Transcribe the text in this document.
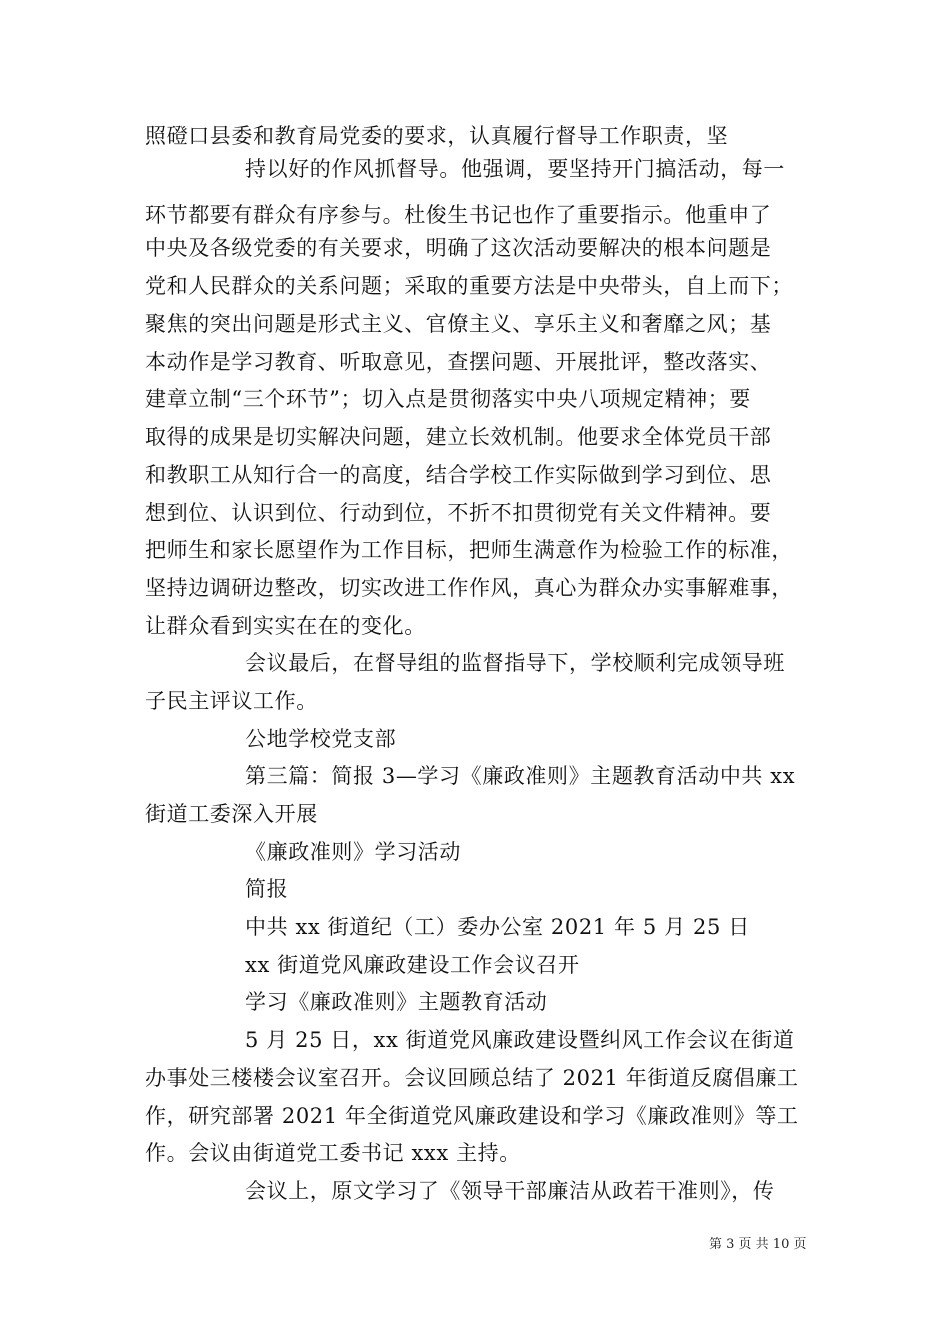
照磴口县委和教育局党委的要求，认真履行督导工作职责，坚
持以好的作风抓督导。他强调，要坚持开门搞活动，每一
环节都要有群众有序参与。杜俊生书记也作了重要指示。他重申了
中央及各级党委的有关要求，明确了这次活动要解决的根本问题是
党和人民群众的关系问题；采取的重要方法是中央带头，自上而下；
聚焦的突出问题是形式主义、官僚主义、享乐主义和奢靡之风；基
本动作是学习教育、听取意见，查摆问题、开展批评，整改落实、
建章立制“三个环节”；切入点是贯彻落实中央八项规定精神；要
取得的成果是切实解决问题，建立长效机制。他要求全体党员干部
和教职工从知行合一的高度，结合学校工作实际做到学习到位、思
想到位、认识到位、行动到位，不折不扣贯彻党有关文件精神。要
把师生和家长愿望作为工作目标，把师生满意作为检验工作的标准，
坚持边调研边整改，切实改进工作作风，真心为群众办实事解难事，
让群众看到实实在在的变化。
会议最后，在督导组的监督指导下，学校顺利完成领导班
子民主评议工作。
公地学校党支部
第三篇：简报 3—学习《廉政准则》主题教育活动中共 xx
街道工委深入开展
《廉政准则》学习活动
简报
中共 xx 街道纪（工）委办公室 2021 年 5 月 25 日
xx 街道党风廉政建设工作会议召开
学习《廉政准则》主题教育活动
5 月 25 日，xx 街道党风廉政建设暨纠风工作会议在街道
办事处三楼楼会议室召开。会议回顾总结了 2021 年街道反腐倡廉工
作，研究部署 2021 年全街道党风廉政建设和学习《廉政准则》等工
作。会议由街道党工委书记 xxx 主持。
会议上，原文学习了《领导干部廉洁从政若干准则》，传
第 3 页 共 10 页
